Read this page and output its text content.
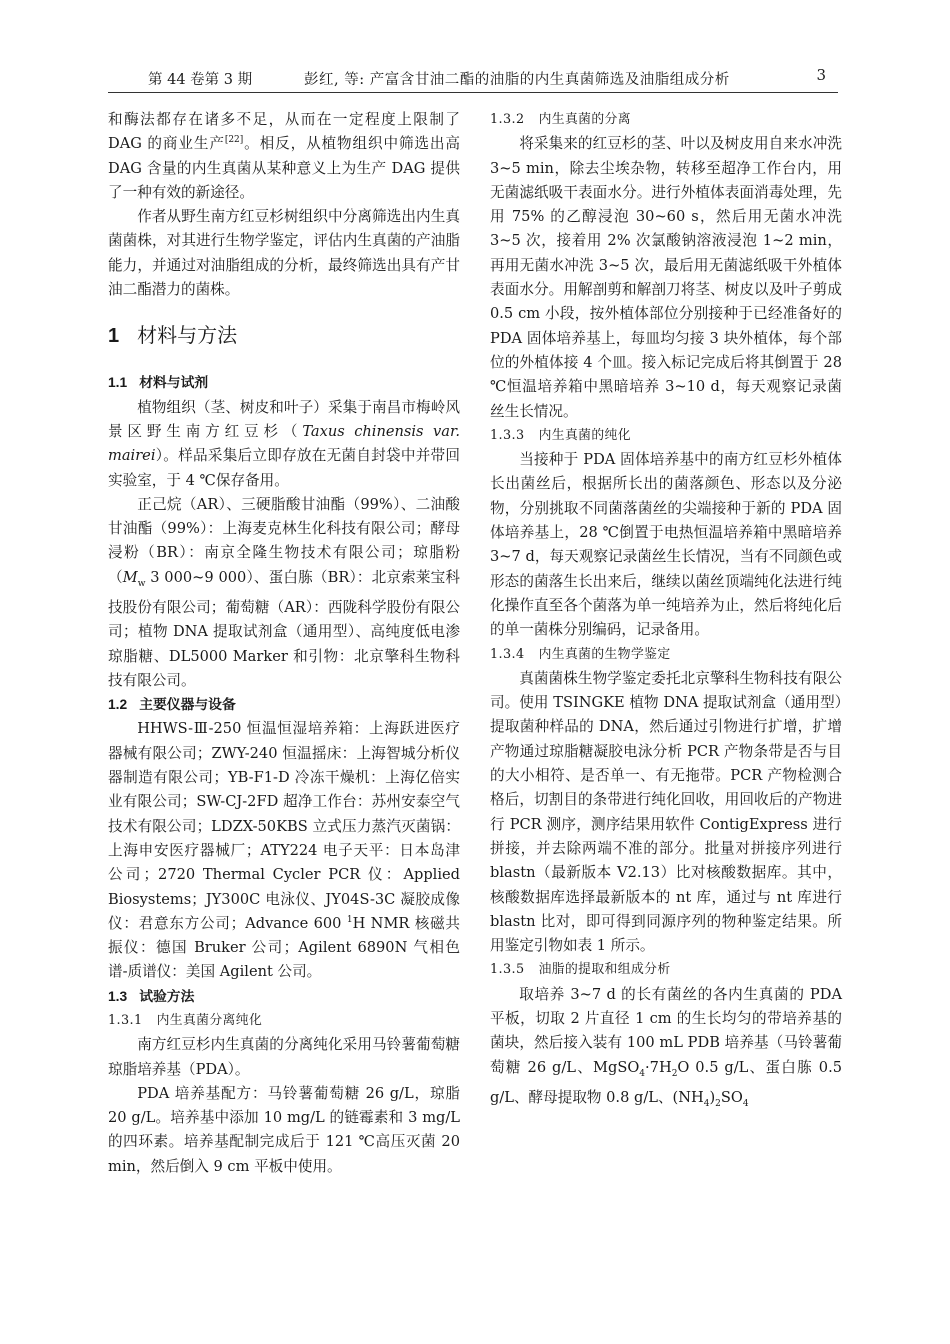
第 44 卷第 3 期	彭红, 等: 产富含甘油二酯的油脂的内生真菌筛选及油脂组成分析	3

和酶法都存在诸多不足，从而在一定程度上限制了 DAG 的商业生产[22]。相反，从植物组织中筛选出高 DAG 含量的内生真菌从某种意义上为生产 DAG 提供了一种有效的新途径。

作者从野生南方红豆杉树组织中分离筛选出内生真菌菌株，对其进行生物学鉴定，评估内生真菌的产油脂能力，并通过对油脂组成的分析，最终筛选出具有产甘油二酯潜力的菌株。

1 材料与方法
1.1 材料与试剂

植物组织（茎、树皮和叶子）采集于南昌市梅岭风景区野生南方红豆杉（Taxus chinensis var. mairei）。样品采集后立即存放在无菌自封袋中并带回实验室，于 4 ℃保存备用。

正己烷（AR）、三硬脂酸甘油酯（99%）、二油酸甘油酯（99%）：上海麦克林生化科技有限公司；酵母浸粉（BR）：南京全隆生物技术有限公司；琼脂粉（$M_w$ 3 000~9 000）、蛋白胨（BR）：北京索莱宝科技股份有限公司；葡萄糖（AR）：西陇科学股份有限公司；植物 DNA 提取试剂盒（通用型）、高纯度低电渗琼脂糖、DL5000 Marker 和引物：北京擎科生物科技有限公司。

1.2 主要仪器与设备

HHWS-Ⅲ-250 恒温恒湿培养箱：上海跃进医疗器械有限公司；ZWY-240 恒温摇床：上海智城分析仪器制造有限公司；YB-F1-D 冷冻干燥机：上海亿倍实业有限公司；SW-CJ-2FD 超净工作台：苏州安泰空气技术有限公司；LDZX-50KBS 立式压力蒸汽灭菌锅：上海申安医疗器械厂；ATY224 电子天平：日本岛津公司；2720 Thermal Cycler PCR 仪：Applied Biosystems；JY300C 电泳仪、JY04S-3C 凝胶成像仪：君意东方公司；Advance 600 $^1$H NMR 核磁共振仪：德国 Bruker 公司；Agilent 6890N 气相色谱-质谱仪：美国 Agilent 公司。

1.3 试验方法
1.3.1 内生真菌分离纯化

南方红豆杉内生真菌的分离纯化采用马铃薯葡萄糖琼脂培养基（PDA）。

PDA 培养基配方：马铃薯葡萄糖 26 g/L，琼脂 20 g/L。培养基中添加 10 mg/L 的链霉素和 3 mg/L 的四环素。培养基配制完成后于 121 ℃高压灭菌 20 min，然后倒入 9 cm 平板中使用。

1.3.2 内生真菌的分离

将采集来的红豆杉的茎、叶以及树皮用自来水冲洗 3~5 min，除去尘埃杂物，转移至超净工作台内，用无菌滤纸吸干表面水分。进行外植体表面消毒处理，先用 75% 的乙醇浸泡 30~60 s，然后用无菌水冲洗 3~5 次，接着用 2% 次氯酸钠溶液浸泡 1~2 min，再用无菌水冲洗 3~5 次，最后用无菌滤纸吸干外植体表面水分。用解剖剪和解剖刀将茎、树皮以及叶子剪成 0.5 cm 小段，按外植体部位分别接种于已经准备好的 PDA 固体培养基上，每皿均匀接 3 块外植体，每个部位的外植体接 4 个皿。接入标记完成后将其倒置于 28 ℃恒温培养箱中黑暗培养 3~10 d，每天观察记录菌丝生长情况。

1.3.3 内生真菌的纯化

当接种于 PDA 固体培养基中的南方红豆杉外植体长出菌丝后，根据所长出的菌落颜色、形态以及分泌物，分别挑取不同菌落菌丝的尖端接种于新的 PDA 固体培养基上，28 ℃倒置于电热恒温培养箱中黑暗培养 3~7 d，每天观察记录菌丝生长情况，当有不同颜色或形态的菌落生长出来后，继续以菌丝顶端纯化法进行纯化操作直至各个菌落为单一纯培养为止，然后将纯化后的单一菌株分别编码，记录备用。

1.3.4 内生真菌的生物学鉴定

真菌菌株生物学鉴定委托北京擎科生物科技有限公司。使用 TSINGKE 植物 DNA 提取试剂盒（通用型）提取菌种样品的 DNA，然后通过引物进行扩增，扩增产物通过琼脂糖凝胶电泳分析 PCR 产物条带是否与目的大小相符、是否单一、有无拖带。PCR 产物检测合格后，切割目的条带进行纯化回收，用回收后的产物进行 PCR 测序，测序结果用软件 ContigExpress 进行拼接，并去除两端不准的部分。批量对拼接序列进行 blastn（最新版本 V2.13）比对核酸数据库。其中，核酸数据库选择最新版本的 nt 库，通过与 nt 库进行 blastn 比对，即可得到同源序列的物种鉴定结果。所用鉴定引物如表 1 所示。

1.3.5 油脂的提取和组成分析

取培养 3~7 d 的长有菌丝的各内生真菌的 PDA 平板，切取 2 片直径 1 cm 的生长均匀的带培养基的菌块，然后接入装有 100 mL PDB 培养基（马铃薯葡萄糖 26 g/L、$MgSO_4\cdot 7H_2O$ 0.5 g/L、蛋白胨 0.5 g/L、酵母提取物 0.8 g/L、$(NH_4)_2SO_4$
